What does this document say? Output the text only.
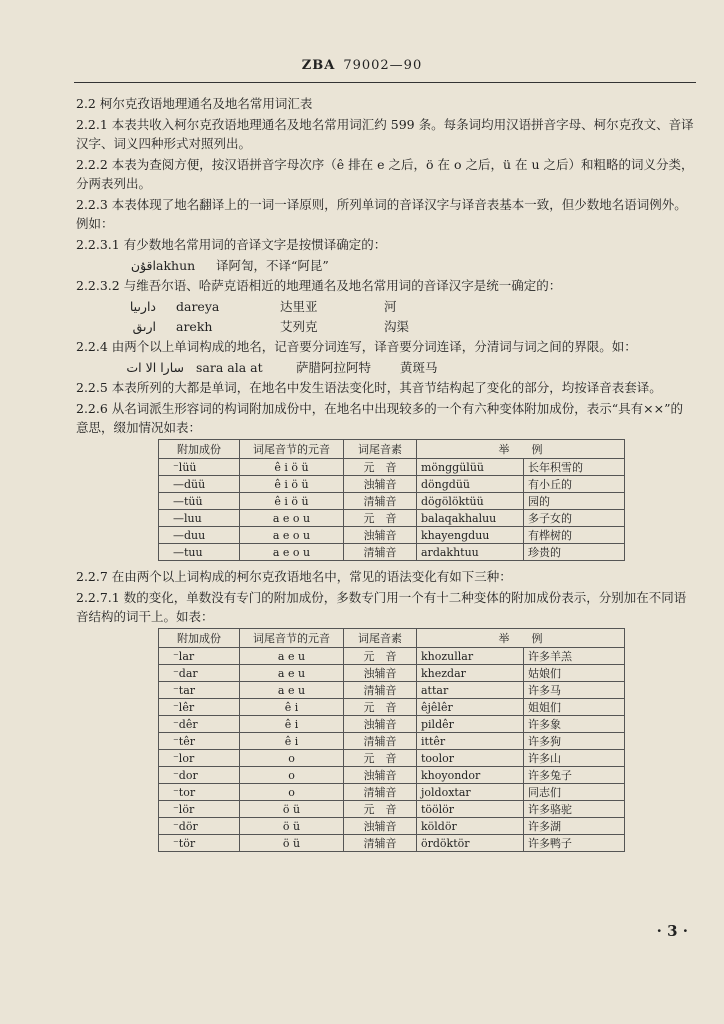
ZBA 79002—90

2.2 柯尔克孜语地理通名及地名常用词汇表

2.2.1 本表共收入柯尔克孜语地理通名及地名常用词汇约 599 条。每条词均用汉语拼音字母、柯尔克孜文、音译汉字、词义四种形式对照列出。

2.2.2 本表为查阅方便，按汉语拼音字母次序（ê 排在 e 之后，ö 在 o 之后，ü 在 u 之后）和粗略的词义分类，分两表列出。

2.2.3 本表体现了地名翻译上的一词一译原则，所列单词的音译汉字与译音表基本一致，但少数地名语词例外。例如：

2.2.3.1 有少数地名常用词的音译文字是按惯译确定的：

اقۇن akhun	译阿訇，不译“阿昆”

2.2.3.2 与维吾尔语、哈萨克语相近的地理通名及地名常用词的音译汉字是统一确定的：

دارىيا	dareya	达里亚	河
ارىق	arekh	艾列克	沟渠

2.2.4 由两个以上单词构成的地名，记音要分词连写，译音要分词连译，分清词与词之间的界限。如：

سارا الا ات sara ala at	萨腊阿拉阿特	黄斑马

2.2.5 本表所列的大都是单词，在地名中发生语法变化时，其音节结构起了变化的部分，均按译音表套译。

2.2.6 从名词派生形容词的构词附加成份中，在地名中出现较多的一个有六种变体附加成份，表示“具有××”的意思，缀加情况如表：

附加成份	词尾音节的元音	词尾音素	举　　例	
⁻lüü	ê i ö ü	元　音	mönggülüü	长年积雪的
—düü	ê i ö ü	浊辅音	döngdüü	有小丘的
—tüü	ê i ö ü	清辅音	dögölöktüü	园的
—luu	a e o u	元　音	balaqakhaluu	多子女的
—duu	a e o u	浊辅音	khayengduu	有桦树的
—tuu	a e o u	清辅音	ardakhtuu	珍贵的

2.2.7 在由两个以上词构成的柯尔克孜语地名中，常见的语法变化有如下三种：

2.2.7.1 数的变化，单数没有专门的附加成份，多数专门用一个有十二种变体的附加成份表示，分别加在不同语音结构的词干上。如表：

附加成份	词尾音节的元音	词尾音素	举　　例	
⁻lar	a e u	元　音	khozullar	许多羊羔
⁻dar	a e u	浊辅音	khezdar	姑娘们
⁻tar	a e u	清辅音	attar	许多马
⁻lêr	ê i	元　音	êjêlêr	姐姐们
⁻dêr	ê i	浊辅音	pildêr	许多象
⁻têr	ê i	清辅音	ittêr	许多狗
⁻lor	o	元　音	toolor	许多山
⁻dor	o	浊辅音	khoyondor	许多兔子
⁻tor	o	清辅音	joldoxtar	同志们
⁻lör	ö ü	元　音	töölör	许多骆驼
⁻dör	ö ü	浊辅音	köldör	许多湖
⁻tör	ö ü	清辅音	ördöktör	许多鸭子
· 3 ·
